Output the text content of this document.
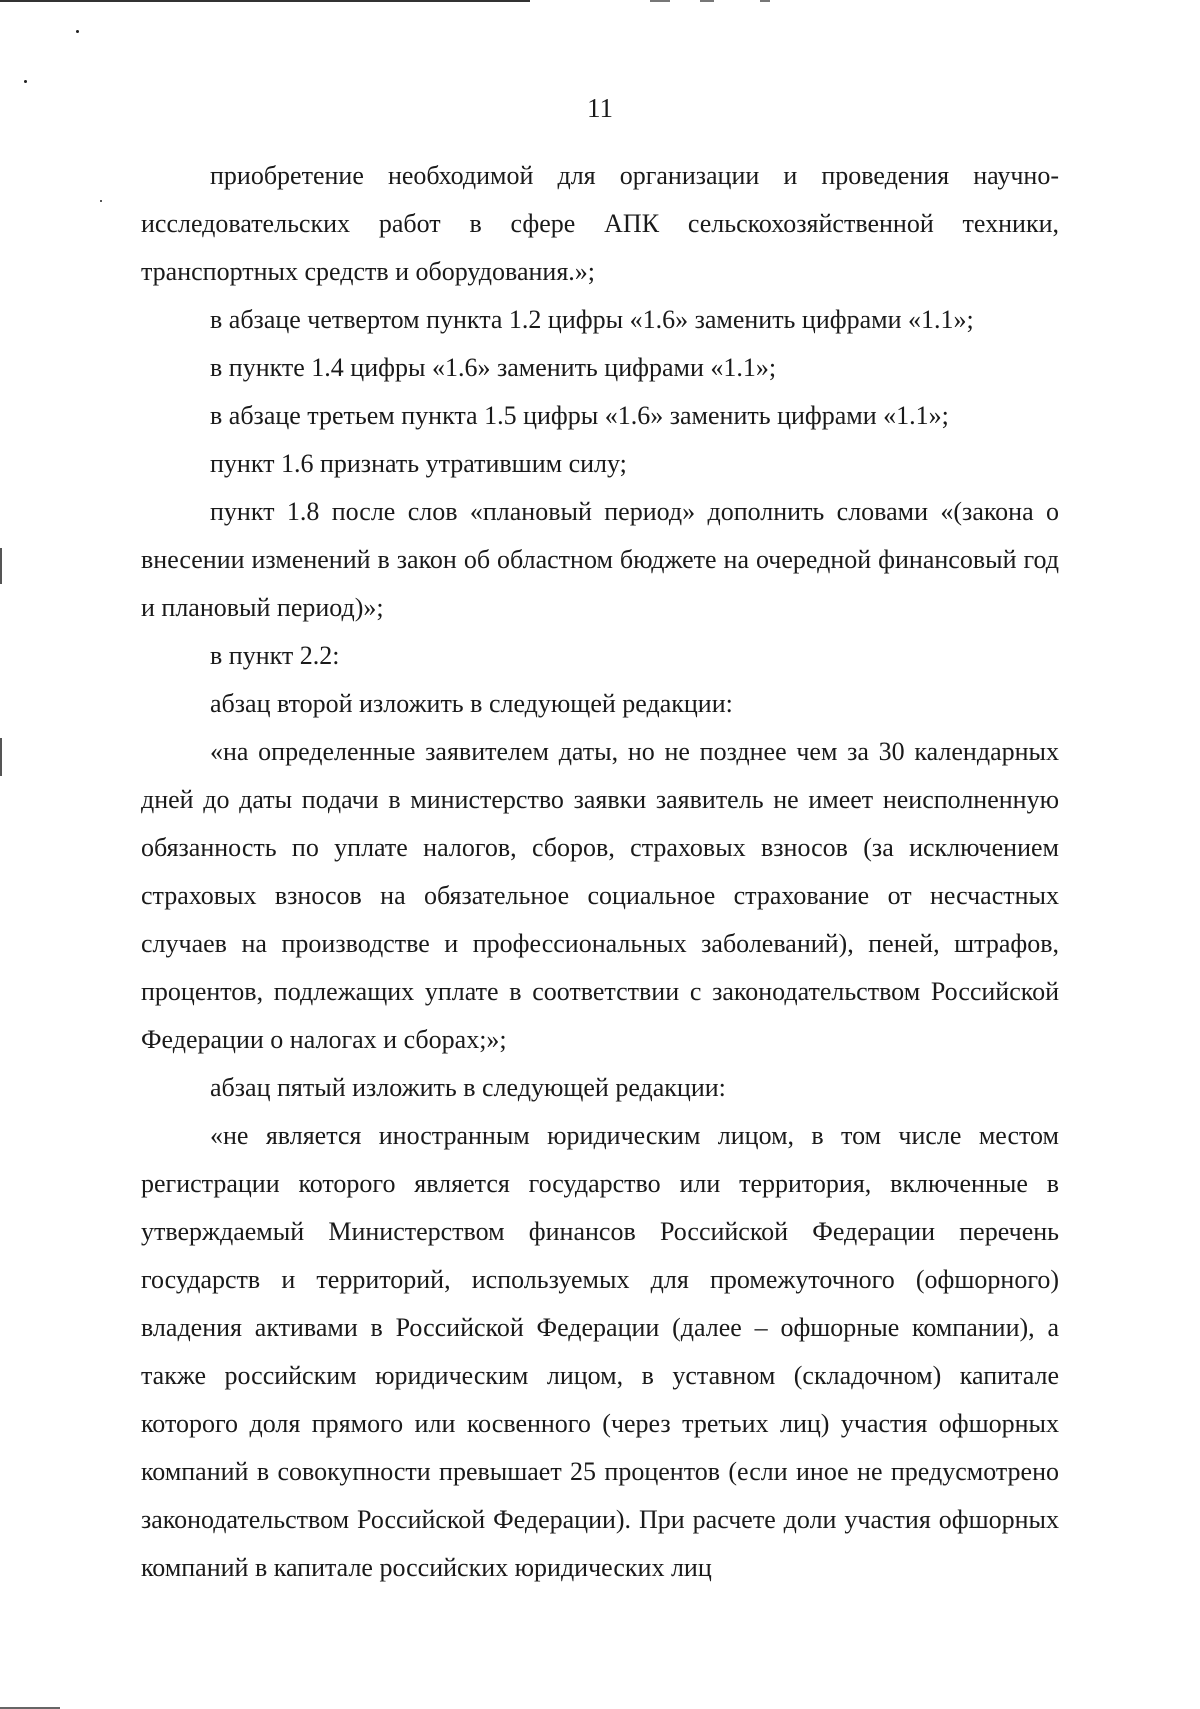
11

приобретение необходимой для организации и проведения научно-исследовательских работ в сфере АПК сельскохозяйственной техники, транспортных средств и оборудования.»;

в абзаце четвертом пункта 1.2 цифры «1.6» заменить цифрами «1.1»;

в пункте 1.4 цифры «1.6» заменить цифрами «1.1»;

в абзаце третьем пункта 1.5 цифры «1.6» заменить цифрами «1.1»;

пункт 1.6 признать утратившим силу;

пункт 1.8 после слов «плановый период» дополнить словами «(закона о внесении изменений в закон об областном бюджете на очередной финансовый год и плановый период)»;

в пункт 2.2:

абзац второй изложить в следующей редакции:

«на определенные заявителем даты, но не позднее чем за 30 календарных дней до даты подачи в министерство заявки заявитель не имеет неисполненную обязанность по уплате налогов, сборов, страховых взносов (за исключением страховых взносов на обязательное социальное страхование от несчастных случаев на производстве и профессиональных заболеваний), пеней, штрафов, процентов, подлежащих уплате в соответствии с законодательством Российской Федерации о налогах и сборах;»;

абзац пятый изложить в следующей редакции:

«не является иностранным юридическим лицом, в том числе местом регистрации которого является государство или территория, включенные в утверждаемый Министерством финансов Российской Федерации перечень государств и территорий, используемых для промежуточного (офшорного) владения активами в Российской Федерации (далее – офшорные компании), а также российским юридическим лицом, в уставном (складочном) капитале которого доля прямого или косвенного (через третьих лиц) участия офшорных компаний в совокупности превышает 25 процентов (если иное не предусмотрено законодательством Российской Федерации). При расчете доли участия офшорных компаний в капитале российских юридических лиц
